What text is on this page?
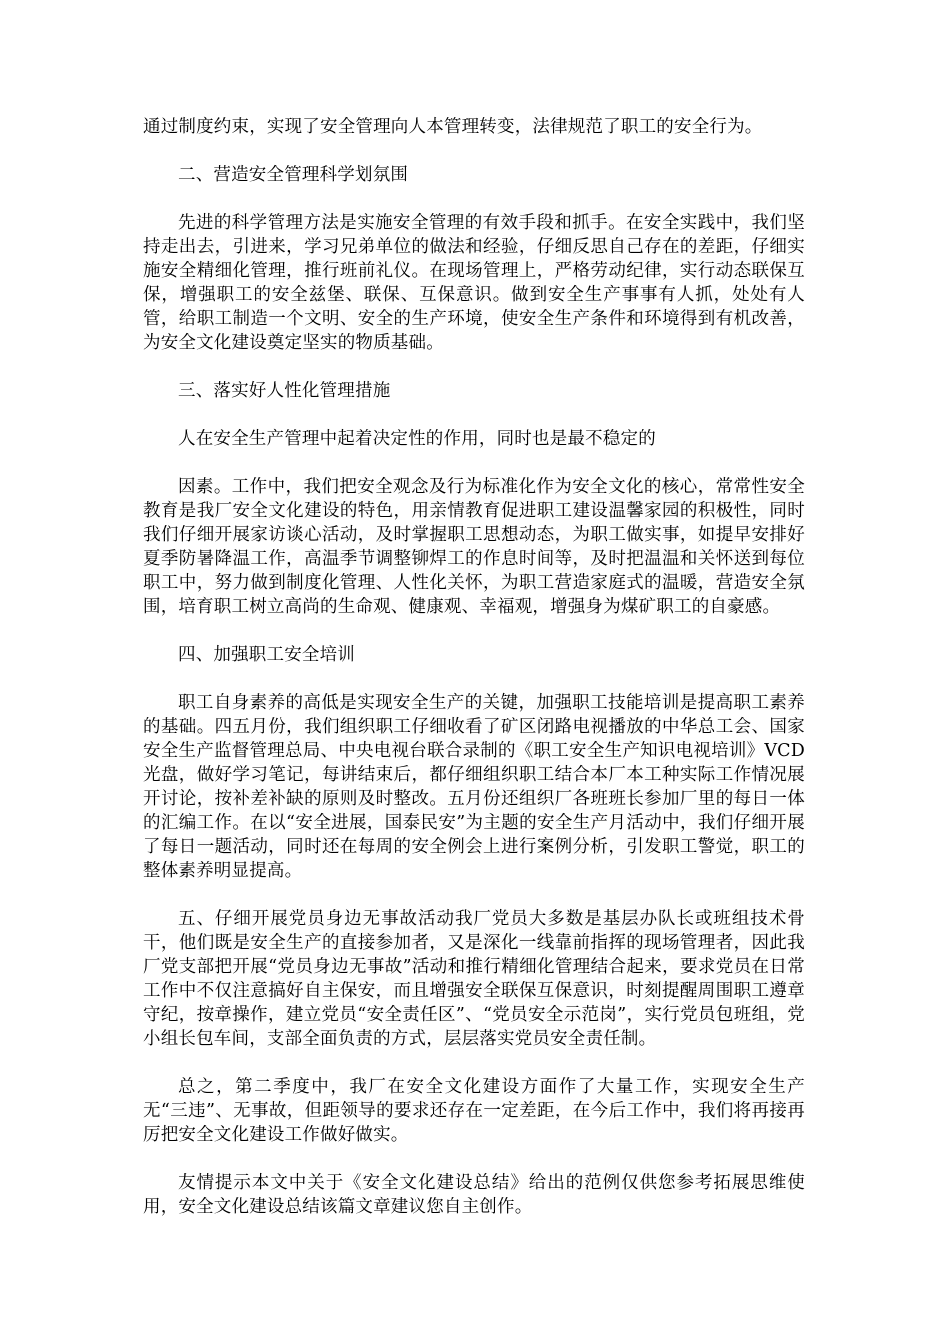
通过制度约束，实现了安全管理向人本管理转变，法律规范了职工的安全行为。

二、营造安全管理科学划氛围

先进的科学管理方法是实施安全管理的有效手段和抓手。在安全实践中，我们坚持走出去，引进来，学习兄弟单位的做法和经验，仔细反思自己存在的差距，仔细实施安全精细化管理，推行班前礼仪。在现场管理上，严格劳动纪律，实行动态联保互保，增强职工的安全兹堡、联保、互保意识。做到安全生产事事有人抓，处处有人管，给职工制造一个文明、安全的生产环境，使安全生产条件和环境得到有机改善，为安全文化建设奠定坚实的物质基础。

三、落实好人性化管理措施

人在安全生产管理中起着决定性的作用，同时也是最不稳定的

因素。工作中，我们把安全观念及行为标准化作为安全文化的核心，常常性安全教育是我厂安全文化建设的特色，用亲情教育促进职工建设温馨家园的积极性，同时我们仔细开展家访谈心活动，及时掌握职工思想动态，为职工做实事，如提早安排好夏季防暑降温工作，高温季节调整铆焊工的作息时间等，及时把温温和关怀送到每位职工中，努力做到制度化管理、人性化关怀，为职工营造家庭式的温暖，营造安全氛围，培育职工树立高尚的生命观、健康观、幸福观，增强身为煤矿职工的自豪感。

四、加强职工安全培训

职工自身素养的高低是实现安全生产的关键，加强职工技能培训是提高职工素养的基础。四五月份，我们组织职工仔细收看了矿区闭路电视播放的中华总工会、国家安全生产监督管理总局、中央电视台联合录制的《职工安全生产知识电视培训》VCD光盘，做好学习笔记，每讲结束后，都仔细组织职工结合本厂本工种实际工作情况展开讨论，按补差补缺的原则及时整改。五月份还组织厂各班班长参加厂里的每日一体的汇编工作。在以“安全进展，国泰民安”为主题的安全生产月活动中，我们仔细开展了每日一题活动，同时还在每周的安全例会上进行案例分析，引发职工警觉，职工的整体素养明显提高。

五、仔细开展党员身边无事故活动我厂党员大多数是基层办队长或班组技术骨干，他们既是安全生产的直接参加者，又是深化一线靠前指挥的现场管理者，因此我厂党支部把开展“党员身边无事故”活动和推行精细化管理结合起来，要求党员在日常工作中不仅注意搞好自主保安，而且增强安全联保互保意识，时刻提醒周围职工遵章守纪，按章操作，建立党员“安全责任区”、“党员安全示范岗”，实行党员包班组，党小组长包车间，支部全面负责的方式，层层落实党员安全责任制。

总之，第二季度中，我厂在安全文化建设方面作了大量工作，实现安全生产无“三违”、无事故，但距领导的要求还存在一定差距，在今后工作中，我们将再接再厉把安全文化建设工作做好做实。

友情提示本文中关于《安全文化建设总结》给出的范例仅供您参考拓展思维使用，安全文化建设总结该篇文章建议您自主创作。
